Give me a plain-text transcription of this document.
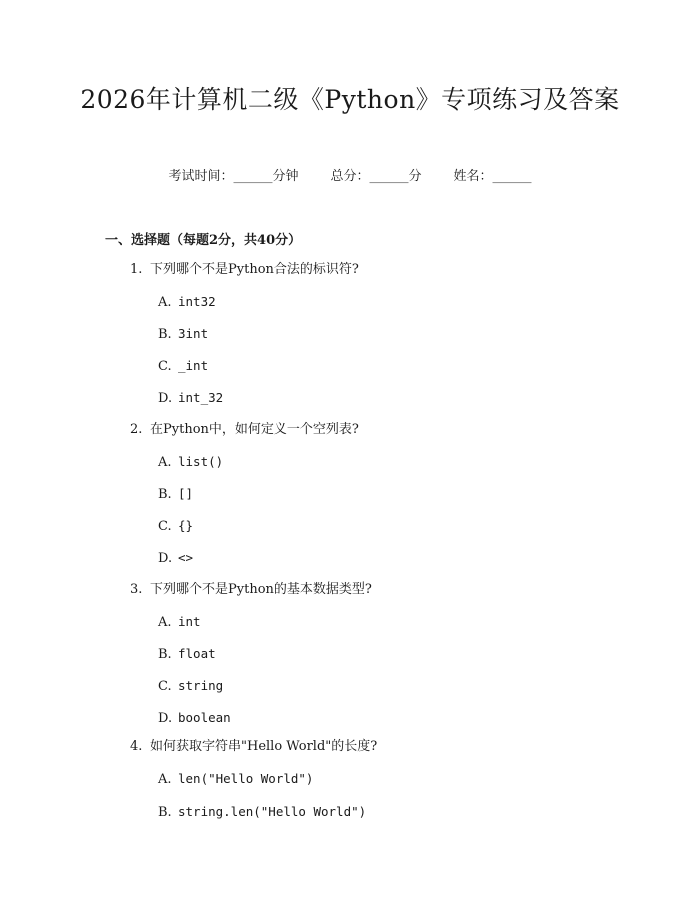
2026年计算机二级《Python》专项练习及答案
考试时间：______分钟 总分：______分 姓名：______
一、选择题（每题2分，共40分）
1. 下列哪个不是Python合法的标识符?
A. int32
B. 3int
C. _int
D. int_32
2. 在Python中，如何定义一个空列表?
A. list()
B. []
C. {}
D. <>
3. 下列哪个不是Python的基本数据类型?
A. int
B. float
C. string
D. boolean
4. 如何获取字符串"Hello World"的长度?
A. len("Hello World")
B. string.len("Hello World")
